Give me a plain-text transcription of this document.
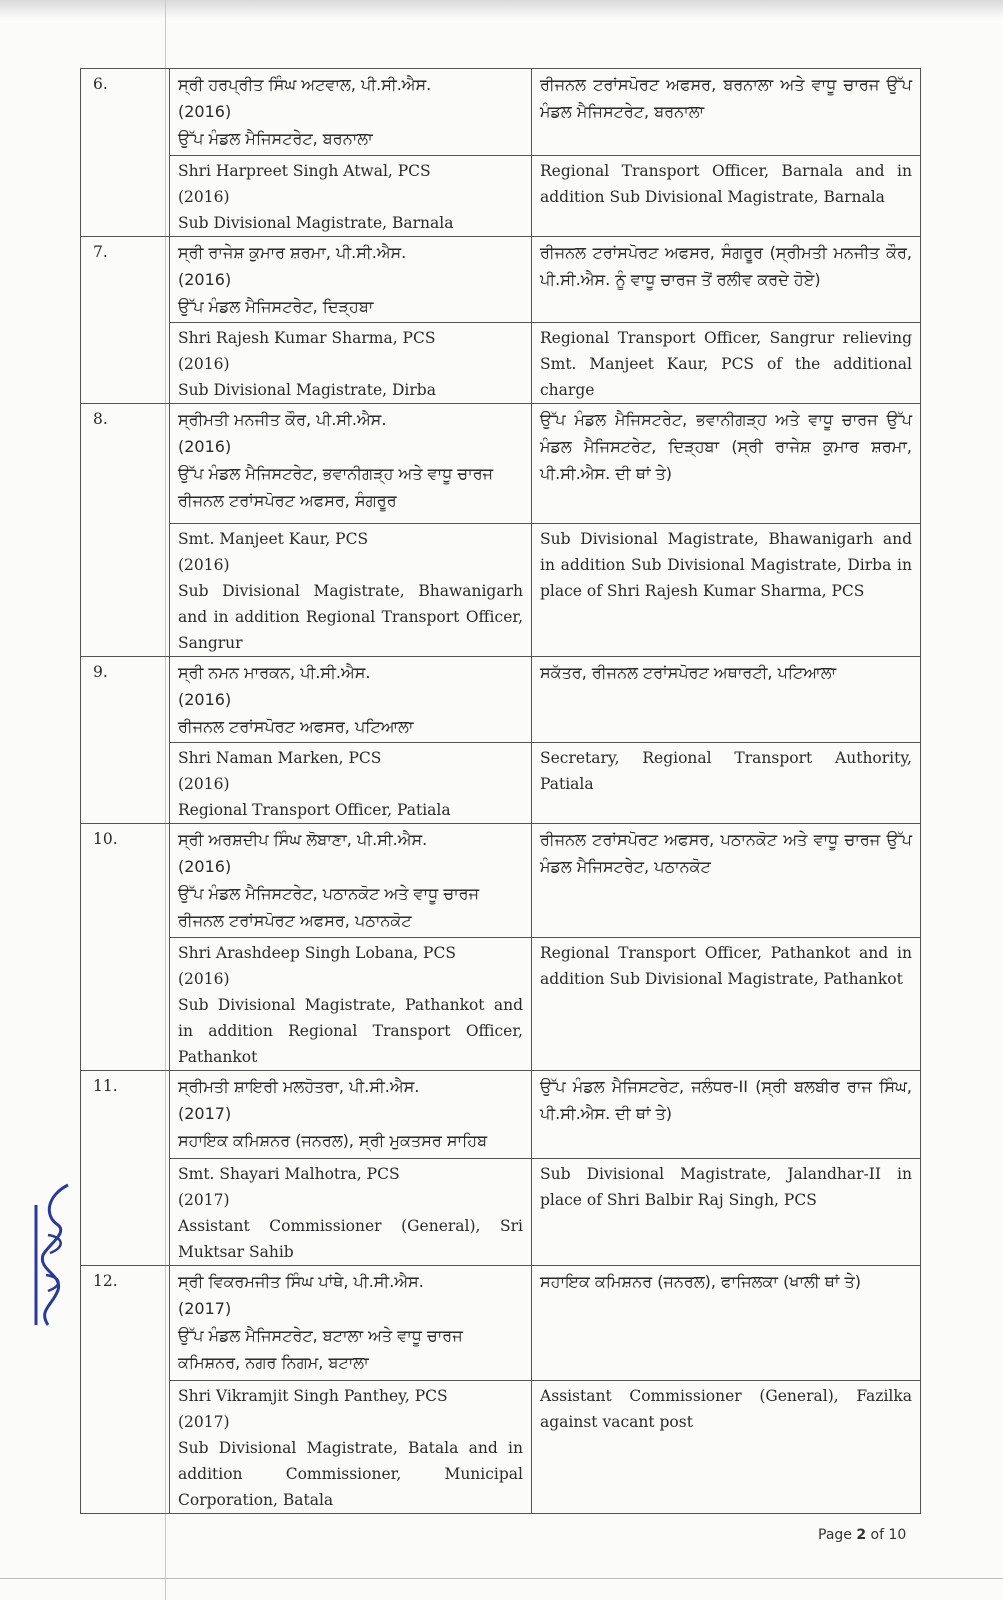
6.	ਸ੍ਰੀ ਹਰਪ੍ਰੀਤ ਸਿੰਘ ਅਟਵਾਲ, ਪੀ.ਸੀ.ਐਸ.
(2016)
ਉੱਪ ਮੰਡਲ ਮੈਜਿਸਟਰੇਟ, ਬਰਨਾਲਾ	ਰੀਜਨਲ ਟਰਾਂਸਪੋਰਟ ਅਫਸਰ, ਬਰਨਾਲਾ ਅਤੇ ਵਾਧੂ ਚਾਰਜ ਉੱਪ ਮੰਡਲ ਮੈਜਿਸਟਰੇਟ, ਬਰਨਾਲਾ

	Shri Harpreet Singh Atwal, PCS
(2016)
Sub Divisional Magistrate, Barnala	Regional Transport Officer, Barnala and in addition Sub Divisional Magistrate, Barnala
7.	ਸ੍ਰੀ ਰਾਜੇਸ਼ ਕੁਮਾਰ ਸ਼ਰਮਾ, ਪੀ.ਸੀ.ਐਸ.
(2016)
ਉੱਪ ਮੰਡਲ ਮੈਜਿਸਟਰੇਟ, ਦਿੜ੍ਹਬਾ	ਰੀਜਨਲ ਟਰਾਂਸਪੋਰਟ ਅਫਸਰ, ਸੰਗਰੂਰ (ਸ੍ਰੀਮਤੀ ਮਨਜੀਤ ਕੌਰ, ਪੀ.ਸੀ.ਐਸ. ਨੂੰ ਵਾਧੂ ਚਾਰਜ ਤੋਂ ਰਲੀਵ ਕਰਦੇ ਹੋਏ)

	Shri Rajesh Kumar Sharma, PCS
(2016)
Sub Divisional Magistrate, Dirba	Regional Transport Officer, Sangrur relieving Smt. Manjeet Kaur, PCS of the additional charge
8.	ਸ੍ਰੀਮਤੀ ਮਨਜੀਤ ਕੌਰ, ਪੀ.ਸੀ.ਐਸ.
(2016)
ਉੱਪ ਮੰਡਲ ਮੈਜਿਸਟਰੇਟ, ਭਵਾਨੀਗੜ੍ਹ ਅਤੇ ਵਾਧੂ ਚਾਰਜ ਰੀਜਨਲ ਟਰਾਂਸਪੋਰਟ ਅਫਸਰ, ਸੰਗਰੂਰ	ਉੱਪ ਮੰਡਲ ਮੈਜਿਸਟਰੇਟ, ਭਵਾਨੀਗੜ੍ਹ ਅਤੇ ਵਾਧੂ ਚਾਰਜ ਉੱਪ ਮੰਡਲ ਮੈਜਿਸਟਰੇਟ, ਦਿੜ੍ਹਬਾ (ਸ੍ਰੀ ਰਾਜੇਸ਼ ਕੁਮਾਰ ਸ਼ਰਮਾ, ਪੀ.ਸੀ.ਐਸ. ਦੀ ਥਾਂ ਤੇ)

	Smt. Manjeet Kaur, PCS
(2016)
Sub Divisional Magistrate, Bhawanigarh and in addition Regional Transport Officer, Sangrur	Sub Divisional Magistrate, Bhawanigarh and in addition Sub Divisional Magistrate, Dirba in place of Shri Rajesh Kumar Sharma, PCS
9.	ਸ੍ਰੀ ਨਮਨ ਮਾਰਕਨ, ਪੀ.ਸੀ.ਐਸ.
(2016)
ਰੀਜਨਲ ਟਰਾਂਸਪੋਰਟ ਅਫਸਰ, ਪਟਿਆਲਾ	ਸਕੱਤਰ, ਰੀਜਨਲ ਟਰਾਂਸਪੋਰਟ ਅਥਾਰਟੀ, ਪਟਿਆਲਾ

	Shri Naman Marken, PCS
(2016)
Regional Transport Officer, Patiala	Secretary, Regional Transport Authority, Patiala
10.	ਸ੍ਰੀ ਅਰਸ਼ਦੀਪ ਸਿੰਘ ਲੋਬਾਣਾ, ਪੀ.ਸੀ.ਐਸ.
(2016)
ਉੱਪ ਮੰਡਲ ਮੈਜਿਸਟਰੇਟ, ਪਠਾਨਕੋਟ ਅਤੇ ਵਾਧੂ ਚਾਰਜ ਰੀਜਨਲ ਟਰਾਂਸਪੋਰਟ ਅਫਸਰ, ਪਠਾਨਕੋਟ	ਰੀਜਨਲ ਟਰਾਂਸਪੋਰਟ ਅਫਸਰ, ਪਠਾਨਕੋਟ ਅਤੇ ਵਾਧੂ ਚਾਰਜ ਉੱਪ ਮੰਡਲ ਮੈਜਿਸਟਰੇਟ, ਪਠਾਨਕੋਟ

	Shri Arashdeep Singh Lobana, PCS
(2016)
Sub Divisional Magistrate, Pathankot and in addition Regional Transport Officer, Pathankot	Regional Transport Officer, Pathankot and in addition Sub Divisional Magistrate, Pathankot
11.	ਸ੍ਰੀਮਤੀ ਸ਼ਾਇਰੀ ਮਲਹੋਤਰਾ, ਪੀ.ਸੀ.ਐਸ.
(2017)
ਸਹਾਇਕ ਕਮਿਸ਼ਨਰ (ਜਨਰਲ), ਸ੍ਰੀ ਮੁਕਤਸਰ ਸਾਹਿਬ	ਉੱਪ ਮੰਡਲ ਮੈਜਿਸਟਰੇਟ, ਜਲੰਧਰ-II (ਸ੍ਰੀ ਬਲਬੀਰ ਰਾਜ ਸਿੰਘ, ਪੀ.ਸੀ.ਐਸ. ਦੀ ਥਾਂ ਤੇ)

	Smt. Shayari Malhotra, PCS
(2017)
Assistant Commissioner (General), Sri Muktsar Sahib	Sub Divisional Magistrate, Jalandhar-II in place of Shri Balbir Raj Singh, PCS
12.	ਸ੍ਰੀ ਵਿਕਰਮਜੀਤ ਸਿੰਘ ਪਾਂਥੇ, ਪੀ.ਸੀ.ਐਸ.
(2017)
ਉੱਪ ਮੰਡਲ ਮੈਜਿਸਟਰੇਟ, ਬਟਾਲਾ ਅਤੇ ਵਾਧੂ ਚਾਰਜ ਕਮਿਸ਼ਨਰ, ਨਗਰ ਨਿਗਮ, ਬਟਾਲਾ	ਸਹਾਇਕ ਕਮਿਸ਼ਨਰ (ਜਨਰਲ), ਫਾਜਿਲਕਾ (ਖਾਲੀ ਥਾਂ ਤੇ)

	Shri Vikramjit Singh Panthey, PCS
(2017)
Sub Divisional Magistrate, Batala and in addition Commissioner, Municipal Corporation, Batala	Assistant Commissioner (General), Fazilka against vacant post
Page 2 of 10
